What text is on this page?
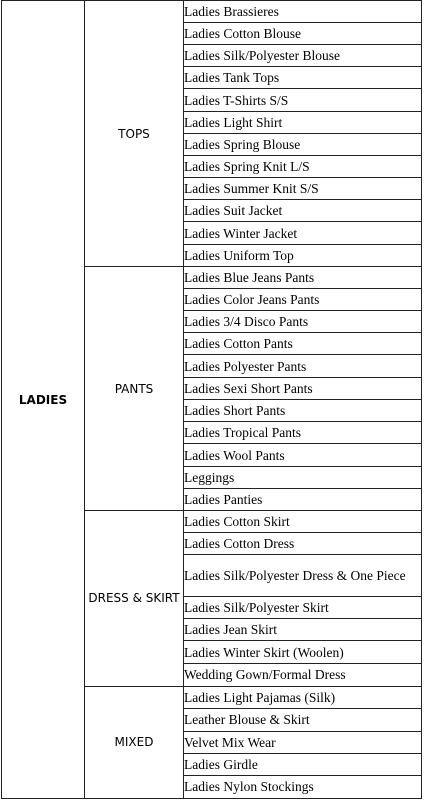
LADIES	TOPS	Ladies Brassieres
		Ladies Cotton Blouse
		Ladies Silk/Polyester Blouse
		Ladies Tank Tops
		Ladies T-Shirts S/S
		Ladies Light Shirt
		Ladies Spring Blouse
		Ladies Spring Knit L/S
		Ladies Summer Knit S/S
		Ladies Suit Jacket
		Ladies Winter Jacket
		Ladies Uniform Top
	PANTS	Ladies Blue Jeans Pants
		Ladies Color Jeans Pants
		Ladies 3/4 Disco Pants
		Ladies Cotton Pants
		Ladies Polyester Pants
		Ladies Sexi Short Pants
		Ladies Short Pants
		Ladies Tropical Pants
		Ladies Wool Pants
		Leggings
		Ladies Panties
	DRESS & SKIRT	Ladies Cotton Skirt
		Ladies Cotton Dress
		Ladies Silk/Polyester Dress & One Piece
		Ladies Silk/Polyester Skirt
		Ladies Jean Skirt
		Ladies Winter Skirt (Woolen)
		Wedding Gown/Formal Dress
	MIXED	Ladies Light Pajamas (Silk)
		Leather Blouse & Skirt
		Velvet Mix Wear
		Ladies Girdle
		Ladies Nylon Stockings
